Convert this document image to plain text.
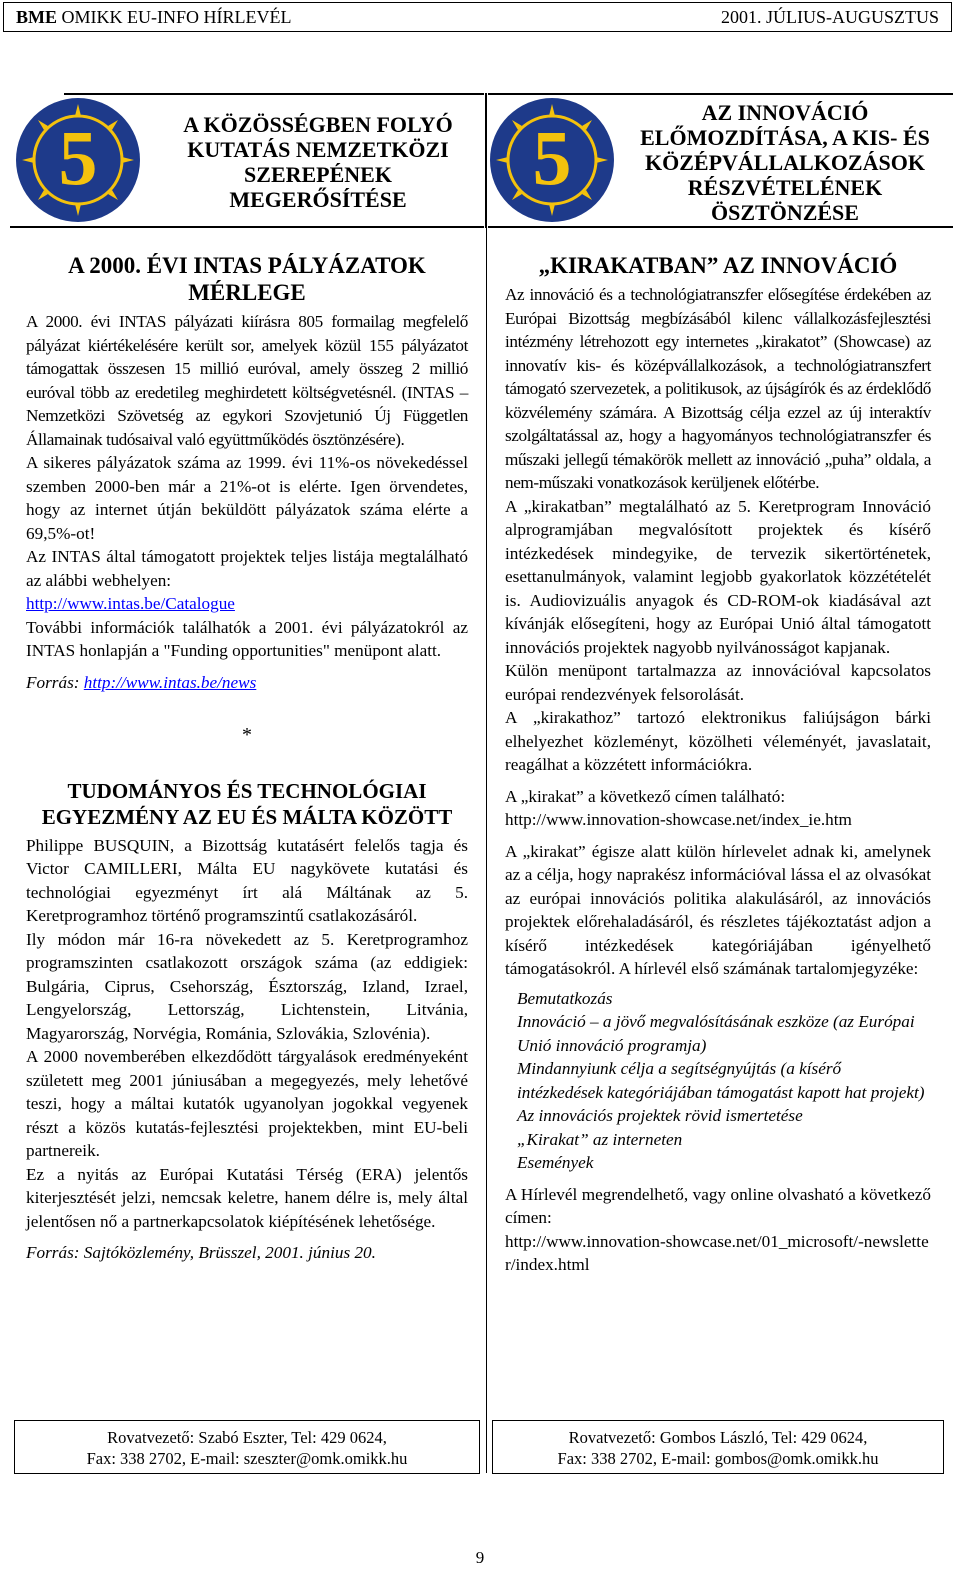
BME OMIKK EU-INFO HÍRLEVÉL	2001. JÚLIUS-AUGUSZTUS
5	5
A KÖZÖSSÉGBEN FOLYÓ
KUTATÁS NEMZETKÖZI
SZEREPÉNEK
MEGERŐSÍTÉSE
AZ INNOVÁCIÓ
ELŐMOZDÍTÁSA, A KIS- ÉS
KÖZÉPVÁLLALKOZÁSOK
RÉSZVÉTELÉNEK
ÖSZTÖNZÉSE
A 2000. ÉVI INTAS PÁLYÁZATOK
MÉRLEGE

A 2000. évi INTAS pályázati kiírásra 805 formailag megfelelő pályázat kiértékelésére került sor, amelyek közül 155 pályázatot támogattak összesen 15 millió euróval, amely összeg 2 millió euróval több az eredetileg meghirdetett költségvetésnél. (INTAS – Nemzetközi Szövetség az egykori Szovjetunió Új Független Államainak tudósaival való együttműködés ösztönzésére).

A sikeres pályázatok száma az 1999. évi 11%-os növekedéssel szemben 2000-ben már a 21%-ot is elérte. Igen örvendetes, hogy az internet útján beküldött pályázatok száma elérte a 69,5%-ot!

Az INTAS által támogatott projektek teljes listája megtalálható az alábbi webhelyen:

http://www.intas.be/Catalogue

További információk találhatók a 2001. évi pályázatokról az INTAS honlapján a "Funding opportunities" menüpont alatt.

Forrás: http://www.intas.be/news

*
TUDOMÁNYOS ÉS TECHNOLÓGIAI
EGYEZMÉNY AZ EU ÉS MÁLTA KÖZÖTT

Philippe BUSQUIN, a Bizottság kutatásért felelős tagja és Victor CAMILLERI, Málta EU nagykövete kutatási és technológiai egyezményt írt alá Máltának az 5. Keretprogramhoz történő programszintű csatlakozásáról.

Ily módon már 16-ra növekedett az 5. Keretprogramhoz programszinten csatlakozott országok száma (az eddigiek: Bulgária, Ciprus, Csehország, Észtország, Izland, Izrael, Lengyelország, Lettország, Lichtenstein, Litvánia, Magyarország, Norvégia, Románia, Szlovákia, Szlovénia).

A 2000 novemberében elkezdődött tárgyalások eredményeként született meg 2001 júniusában a megegyezés, mely lehetővé teszi, hogy a máltai kutatók ugyanolyan jogokkal vegyenek részt a közös kutatás-fejlesztési projektekben, mint EU-beli partnereik.

Ez a nyitás az Európai Kutatási Térség (ERA) jelentős kiterjesztését jelzi, nemcsak keletre, hanem délre is, mely által jelentősen nő a partnerkapcsolatok kiépítésének lehetősége.

Forrás: Sajtóközlemény, Brüsszel, 2001. június 20.

„KIRAKATBAN” AZ INNOVÁCIÓ

Az innováció és a technológiatranszfer elősegítése érdekében az Európai Bizottság megbízásából kilenc vállalkozásfejlesztési intézmény létrehozott egy internetes „kirakatot” (Showcase) az innovatív kis- és középvállalkozások, a technológiatranszfert támogató szervezetek, a politikusok, az újságírók és az érdeklődő közvélemény számára. A Bizottság célja ezzel az új interaktív szolgáltatással az, hogy a hagyományos technológiatranszfer és műszaki jellegű témakörök mellett az innováció „puha” oldala, a nem-műszaki vonatkozások kerüljenek előtérbe.

A „kirakatban” megtalálható az 5. Keretprogram Innováció alprogramjában megvalósított projektek és kísérő intézkedések mindegyike, de tervezik sikertörténetek, esettanulmányok, valamint legjobb gyakorlatok közzétételét is. Audiovizuális anyagok és CD-ROM-ok kiadásával azt kívánják elősegíteni, hogy az Európai Unió által támogatott innovációs projektek nagyobb nyilvánosságot kapjanak.

Külön menüpont tartalmazza az innovációval kapcsolatos európai rendezvények felsorolását.

A „kirakathoz” tartozó elektronikus faliújságon bárki elhelyezhet közleményt, közölheti véleményét, javaslatait, reagálhat a közzétett információkra.

A „kirakat” a következő címen található:

http://www.innovation-showcase.net/index_ie.htm

A „kirakat” égisze alatt külön hírlevelet adnak ki, amelynek az a célja, hogy naprakész információval lássa el az olvasókat az európai innovációs politika alakulásáról, az innovációs projektek előrehaladásáról, és részletes tájékoztatást adjon a kísérő intézkedések kategóriájában igényelhető támogatásokról. A hírlevél első számának tartalomjegyzéke:

Bemutatkozás

Innováció – a jövő megvalósításának eszköze (az Európai Unió innováció programja)

Mindannyiunk célja a segítségnyújtás (a kísérő intézkedések kategóriájában támogatást kapott hat projekt)

Az innovációs projektek rövid ismertetése

„Kirakat” az interneten

Események

A Hírlevél megrendelhető, vagy online olvasható a következő címen:

http://www.innovation-showcase.net/01_microsoft/-newsletter/index.html

Rovatvezető: Szabó Eszter, Tel: 429 0624,
Fax: 338 2702, E-mail: szeszter@omk.omikk.hu
Rovatvezető: Gombos László, Tel: 429 0624,
Fax: 338 2702, E-mail: gombos@omk.omikk.hu
9
